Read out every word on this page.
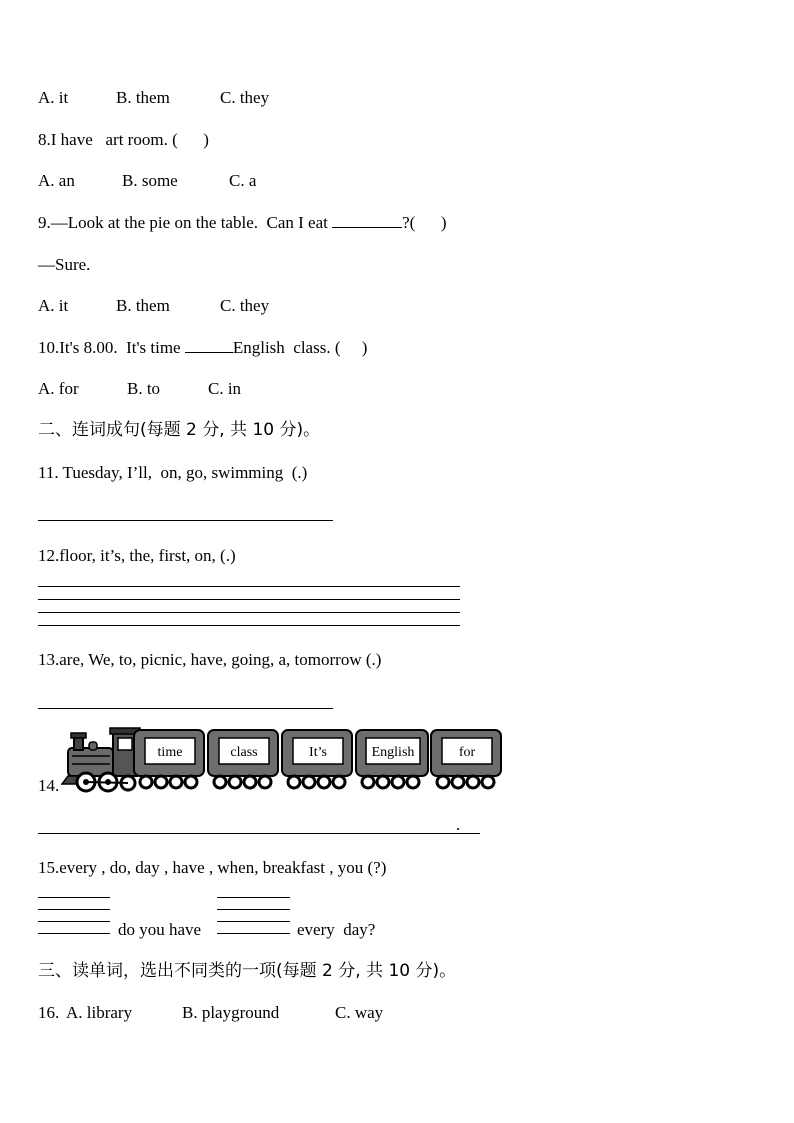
A. it	B. them	C. they
8.I have   art room. (      )
A. an	B. some	C. a
9.—Look at the pie on the table.  Can I eat	?(      )
—Sure.
A. it	B. them	C. they
10.It's 8.00.  It's time	English  class. (     )
A. for	B. to	C. in
二、连词成句(每题 2 分, 共 10 分)。
11. Tuesday, I’ll,  on, go, swimming  (.)
12.floor, it’s, the, first, on, (.)
13.are, We, to, picnic, have, going, a, tomorrow (.)
14.
time	class	It’s	English	for
.
15.every , do, day , have , when, breakfast , you (?)
do you have	every  day?
三、读单词，选出不同类的一项(每题 2 分, 共 10 分)。
16. A. library	B. playground	C. way
